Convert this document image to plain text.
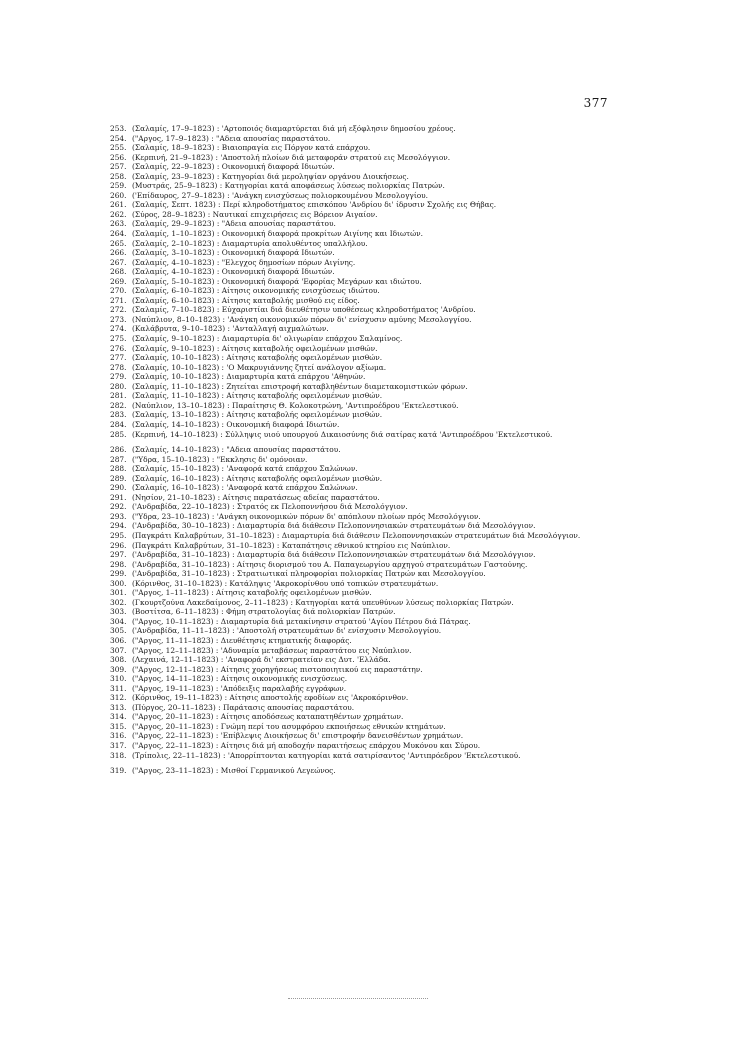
377
253. (Σαλαμίς, 17–9–1823) : 'Αρτοποιός διαμαρτύρεται διά μή εξόφλησιν δημοσίου χρέους.
254. ("Αργος, 17–9–1823) : "Αδεια απουσίας παραστάτου.
255. (Σαλαμίς, 18–9–1823) : Βιαιοπραγία εις Πόργον κατά επάρχου.
256. (Κερπινή, 21–9–1823) : 'Αποστολή πλοίων διά μεταφοράν στρατού εις Μεσολόγγιον.
257. (Σαλαμίς, 22–9–1823) : Οικονομική διαφορά Ιδιωτών.
258. (Σαλαμίς, 23–9–1823) : Κατηγορίαι διά μεροληψίαν οργάνου Διοικήσεως.
259. (Μυστράς, 25–9–1823) : Κατηγορίαι κατά αποφάσεως λύσεως πολιορκίας Πατρών.
260. ('Επίδαυρος, 27–9–1823) : 'Ανάγκη ενισχύσεως πολιορκουμένου Μεσολογγίου.
261. (Σαλαμίς, Σεπτ. 1823) : Περί κληροδοτήματος επισκόπου 'Ανδρίου δι' ίδρυσιν Σχολής εις Θήβας.
262. (Σύρος, 28–9–1823) : Ναυτικαί επιχειρήσεις εις Βόρειον Αιγαίον.
263. (Σαλαμίς, 29–9–1823) : "Αδεια απουσίας παραστάτου.
264. (Σαλαμίς, 1–10–1823) : Οικονομική διαφορά προκρίτων Αιγίνης και Ιδιωτών.
265. (Σαλαμίς, 2–10–1823) : Διαμαρτυρία απολυθέντος υπαλλήλου.
266. (Σαλαμίς, 3–10–1823) : Οικονομική διαφορά Ιδιωτών.
267. (Σαλαμίς, 4–10–1823) : "Ελεγχος δημοσίων πόρων Αιγίνης.
268. (Σαλαμίς, 4–10–1823) : Οικονομική διαφορά Ιδιωτών.
269. (Σαλαμίς, 5–10–1823) : Οικονομική διαφορά 'Εφορίας Μεγάρων και ιδιώτου.
270. (Σαλαμίς, 6–10–1823) : Αίτησις οικονομικής ενισχύσεως ιδιώτου.
271. (Σαλαμίς, 6–10–1823) : Αίτησις καταβολής μισθού εις είδος.
272. (Σαλαμίς, 7–10–1823) : Εύχαριστίαι διά διευθέτησιν υποθέσεως κληροδοτήματος 'Ανδρίου.
273. (Ναύπλιον, 8–10–1823) : 'Ανάγκη οικονομικών πόρων δι' ενίσχυσιν αμύνης Μεσολογγίου.
274. (Καλάβρυτα, 9–10–1823) : 'Ανταλλαγή αιχμαλώτων.
275. (Σαλαμίς, 9–10–1823) : Διαμαρτυρία δι' ολιγωρίαν επάρχου Σαλαμίνος.
276. (Σαλαμίς, 9–10–1823) : Αίτησις καταβολής οφειλομένων μισθών.
277. (Σαλαμίς, 10–10–1823) : Αίτησις καταβολής οφειλομένων μισθών.
278. (Σαλαμίς, 10–10–1823) : 'Ο Μακρυγιάννης ζητεί ανάλογον αξίωμα.
279. (Σαλαμίς, 10–10–1823) : Διαμαρτυρία κατά επάρχου 'Αθηνών.
280. (Σαλαμίς, 11–10–1823) : Ζητείται επιστροφή καταβληθέντων διαμετακομιστικών φόρων.
281. (Σαλαμίς, 11–10–1823) : Αίτησις καταβολής οφειλομένων μισθών.
282. (Ναύπλιον, 13–10–1823) : Παραίτησις Θ. Κολοκοτρώνη, 'Αντιπροέδρου 'Εκτελεστικού.
283. (Σαλαμίς, 13–10–1823) : Αίτησις καταβολής οφειλομένων μισθών.
284. (Σαλαμίς, 14–10–1823) : Οικονομική διαφορά Ιδιωτών.
285. (Κερπινή, 14–10–1823) : Σύλληψις υιού υπουργού Δικαιοσύνης διά σατίρας κατά 'Αντιπροέδρου 'Εκτελεστικού.
286. (Σαλαμίς, 14–10–1823) : "Αδεια απουσίας παραστάτου.
287. ("Υδρα, 15–10–1823) : "Εκκλησις δι' ομόνοιαν.
288. (Σαλαμίς, 15–10–1823) : 'Αναφορά κατά επάρχου Σαλώνων.
289. (Σαλαμίς, 16–10–1823) : Αίτησις καταβολής οφειλομένων μισθών.
290. (Σαλαμίς, 16–10–1823) : 'Αναφορά κατά επάρχου Σαλώνων.
291. (Νησίον, 21–10–1823) : Αίτησις παρατάσεως αδείας παραστάτου.
292. ('Ανδραβίδα, 22–10–1823) : Στρατός εκ Πελοποννήσου διά Μεσολόγγιον.
293. ("Υδρα, 23–10–1823) : 'Ανάγκη οικονομικών πόρων δι' απόπλουν πλοίων πρός Μεσολόγγιον.
294. ('Ανδραβίδα, 30–10–1823) : Διαμαρτυρία διά διάθεσιν Πελοποννησιακών στρατευμάτων διά Μεσολόγγιον.
295. (Παγκράτι Καλαβρύτων, 31–10–1823) : Διαμαρτυρία διά διάθεσιν Πελοποννησιακών στρατευμάτων διά Μεσολόγγιον.
296. (Παγκράτι Καλαβρύτων, 31–10–1823) : Καταπάτησις εθνικού κτηρίου εις Ναύπλιον.
297. ('Ανδραβίδα, 31–10–1823) : Διαμαρτυρία διά διάθεσιν Πελοποννησιακών στρατευμάτων διά Μεσολόγγιον.
298. ('Ανδραβίδα, 31–10–1823) : Αίτησις διορισμού του Α. Παπαγεωργίου αρχηγού στρατευμάτων Γαστούνης.
299. ('Ανδραβίδα, 31–10–1823) : Στρατιωτικαί πληροφορίαι πολιορκίας Πατρών και Μεσολογγίου.
300. (Κόρινθος, 31–10–1823) : Κατάληψις 'Ακροκορίνθου υπό τοπικών στρατευμάτων.
301. ("Αργος, 1–11–1823) : Αίτησις καταβολής οφειλομένων μισθών.
302. (Γκουρτζούνα Λακεδαίμονος, 2–11–1823) : Κατηγορίαι κατά υπευθύνων λύσεως πολιορκίας Πατρών.
303. (Βοστίτσα, 6–11–1823) : Φήμη στρατολογίας διά πολιορκίαν Πατρών.
304. ("Αργος, 10–11–1823) : Διαμαρτυρία διά μετακίνησιν στρατού 'Αγίου Πέτρου διά Πάτρας.
305. ('Ανδραβίδα, 11–11–1823) : 'Αποστολή στρατευμάτων δι' ενίσχυσιν Μεσολογγίου.
306. ("Αργος, 11–11–1823) : Διευθέτησις κτηματικής διαφοράς.
307. ("Αργος, 12–11–1823) : 'Αδυναμία μεταβάσεως παραστάτου εις Ναύπλιον.
308. (Λεχαινά, 12–11–1823) : 'Αναφορά δι' εκστρατείαν εις Δυτ. 'Ελλάδα.
309. ("Αργος, 12–11–1823) : Αίτησις χορηγήσεως πιστοποιητικού εις παραστάτην.
310. ("Αργος, 14–11–1823) : Αίτησις οικονομικής ενισχύσεως.
311. ("Αργος, 19–11–1823) : 'Απόδειξις παραλαβής εγγράφων.
312. (Κόρινθος, 19–11–1823) : Αίτησις αποστολής εφοδίων εις 'Ακροκόρινθον.
313. (Πύργος, 20–11–1823) : Παράτασις απουσίας παραστάτου.
314. ("Αργος, 20–11–1823) : Αίτησις αποδόσεως καταπατηθέντων χρημάτων.
315. ("Αργος, 20–11–1823) : Γνώμη περί του ασυμφόρου εκποιήσεως εθνικών κτημάτων.
316. ("Αργος, 22–11–1823) : 'Επίβλεψις Διοικήσεως δι' επιστροφήν δανεισθέντων χρημάτων.
317. ("Αργος, 22–11–1823) : Αίτησις διά μή αποδοχήν παραιτήσεως επάρχου Μυκόνου και Σύρου.
318. (Τρίπολις, 22–11–1823) : 'Απορρίπτονται κατηγορίαι κατά σατιρίσαντος 'Αντιπρόεδρον 'Εκτελεστικού.
319. ("Αργος, 23–11–1823) : Μισθοί Γερμανικού Λεγεώνος.
